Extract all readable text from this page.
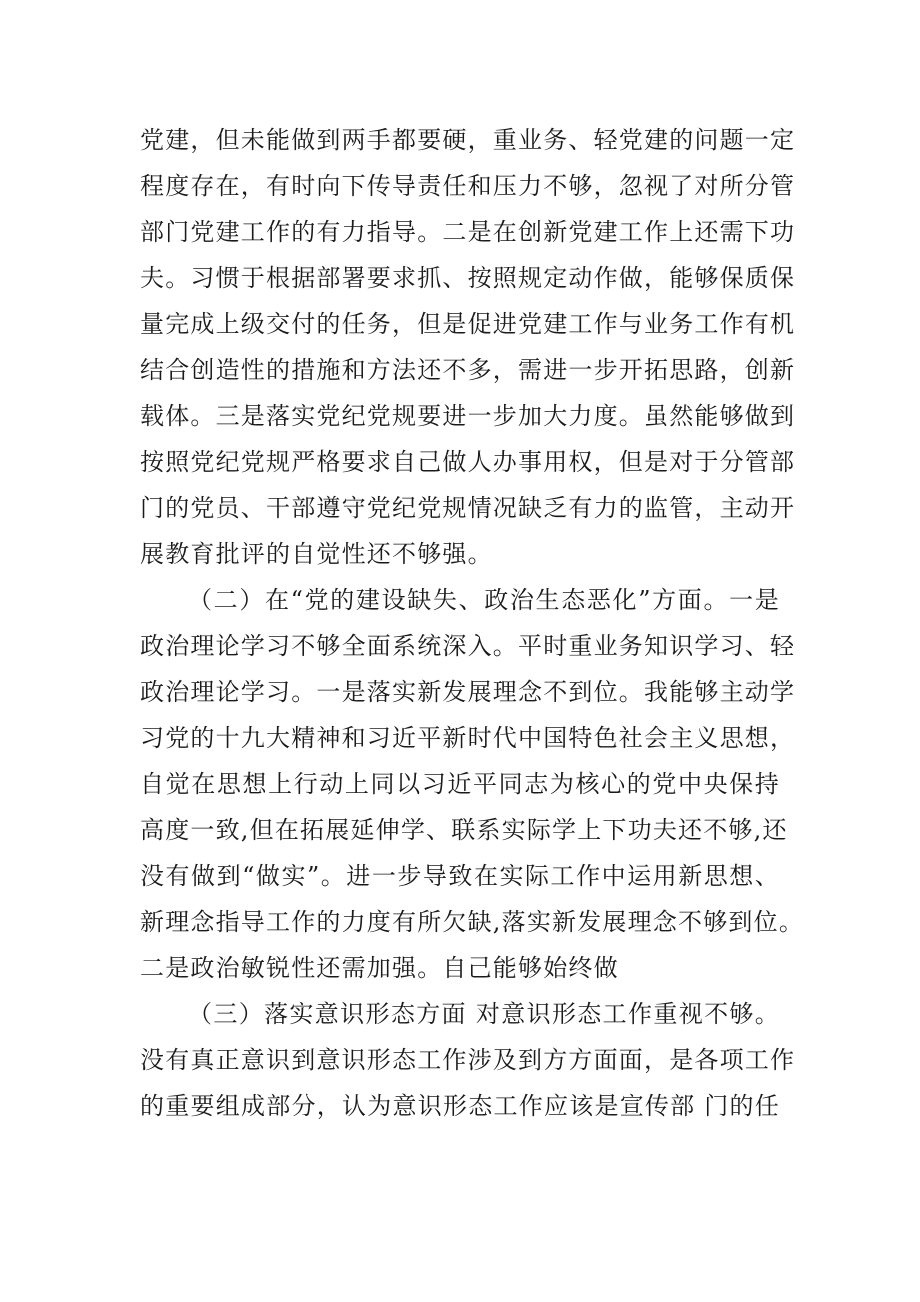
党建，但未能做到两手都要硬，重业务、轻党建的问题一定
程度存在，有时向下传导责任和压力不够，忽视了对所分管
部门党建工作的有力指导。二是在创新党建工作上还需下功
夫。习惯于根据部署要求抓、按照规定动作做，能够保质保
量完成上级交付的任务，但是促进党建工作与业务工作有机
结合创造性的措施和方法还不多，需进一步开拓思路，创新
载体。三是落实党纪党规要进一步加大力度。虽然能够做到
按照党纪党规严格要求自己做人办事用权，但是对于分管部
门的党员、干部遵守党纪党规情况缺乏有力的监管，主动开
展教育批评的自觉性还不够强。
（二）在“党的建设缺失、政治生态恶化”方面。一是
政治理论学习不够全面系统深入。平时重业务知识学习、轻
政治理论学习。一是落实新发展理念不到位。我能够主动学
习党的十九大精神和习近平新时代中国特色社会主义思想，
自觉在思想上行动上同以习近平同志为核心的党中央保持
高度一致,但在拓展延伸学、联系实际学上下功夫还不够,还
没有做到“做实”。进一步导致在实际工作中运用新思想、
新理念指导工作的力度有所欠缺,落实新发展理念不够到位。
二是政治敏锐性还需加强。自己能够始终做
（三）落实意识形态方面 对意识形态工作重视不够。
没有真正意识到意识形态工作涉及到方方面面，是各项工作
的重要组成部分，认为意识形态工作应该是宣传部 门的任
